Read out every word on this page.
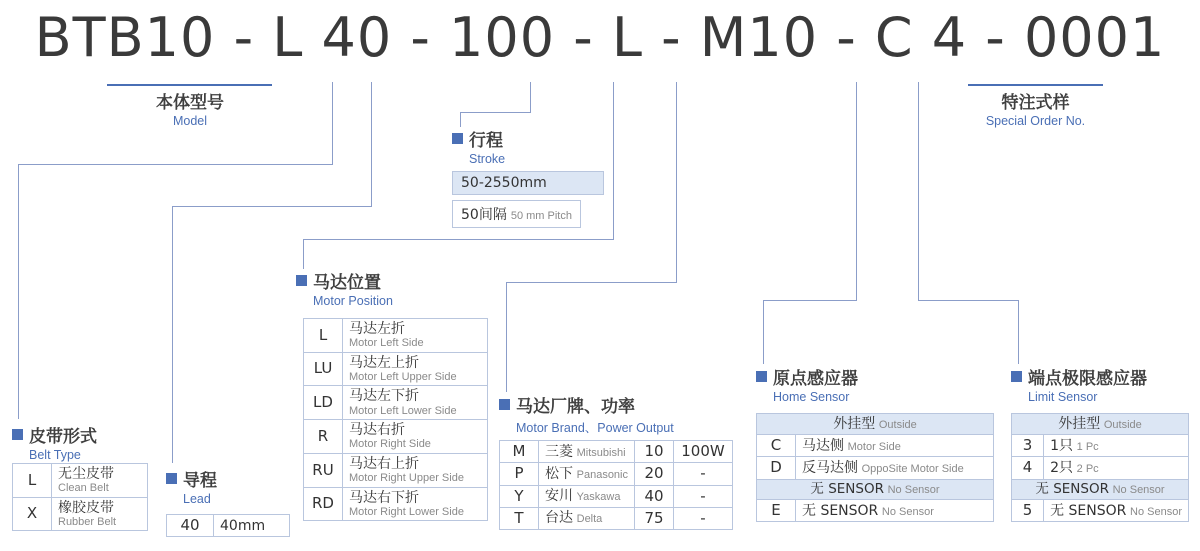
BTB10 - L 40 - 100 - L - M10 - C 4 - 0001
本体型号
Model
特注式样
Special Order No.
行程
Stroke
50-2550mm
50间隔 50 mm Pitch
皮带形式
Belt Type
L	无尘皮带
Clean Belt

X	橡胶皮带
Rubber Belt
导程
Lead
40	40mm
马达位置
Motor Position
L	马达左折
Motor Left Side

LU	马达左上折
Motor Left Upper Side

LD	马达左下折
Motor Left Lower Side

R	马达右折
Motor Right Side

RU	马达右上折
Motor Right Upper Side

RD	马达右下折
Motor Right Lower Side
马达厂牌、功率
Motor Brand、Power Output
M	三菱 Mitsubishi	10	100W
P	松下 Panasonic	20	-
Y	安川 Yaskawa	40	-
T	台达 Delta	75	-
原点感应器
Home Sensor
外挂型 Outside	
C	马达侧 Motor Side
D	反马达侧 OppoSite Motor Side
无 SENSOR No Sensor	
E	无 SENSOR No Sensor
端点极限感应器
Limit Sensor
外挂型 Outside	
3	1只 1 Pc
4	2只 2 Pc
无 SENSOR No Sensor	
5	无 SENSOR No Sensor
